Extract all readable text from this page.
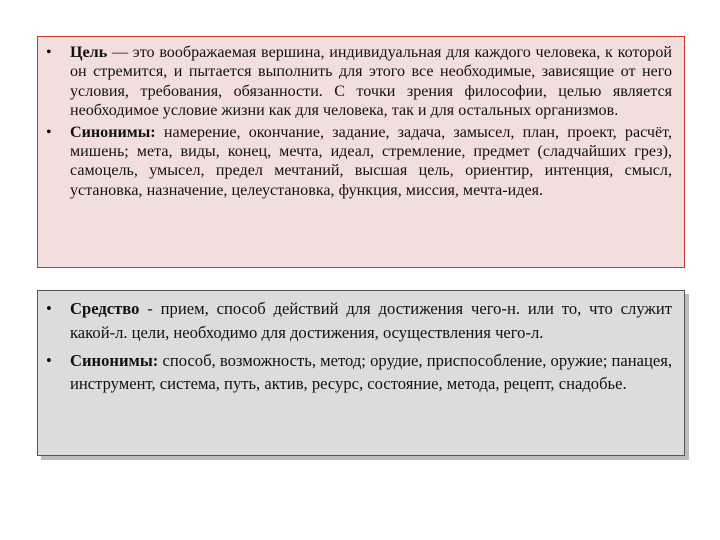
• Цель — это воображаемая вершина, индивидуальная для каждого человека, к которой он стремится, и пытается выполнить для этого все необходимые, зависящие от него условия, требования, обязанности. С точки зрения философии, целью является необходимое условие жизни как для человека, так и для остальных организмов.
• Синонимы: намерение, окончание, задание, задача, замысел, план, проект, расчёт, мишень; мета, виды, конец, мечта, идеал, стремление, предмет (сладчайших грез), самоцель, умысел, предел мечтаний, высшая цель, ориентир, интенция, смысл, установка, назначение, целеустановка, функция, миссия, мечта-идея.
• Средство - прием, способ действий для достижения чего-н. или то, что служит какой-л. цели, необходимо для достижения, осуществления чего-л.
• Синонимы: способ, возможность, метод; орудие, приспособление, оружие; панацея, инструмент, система, путь, актив, ресурс, состояние, метода, рецепт, снадобье.
